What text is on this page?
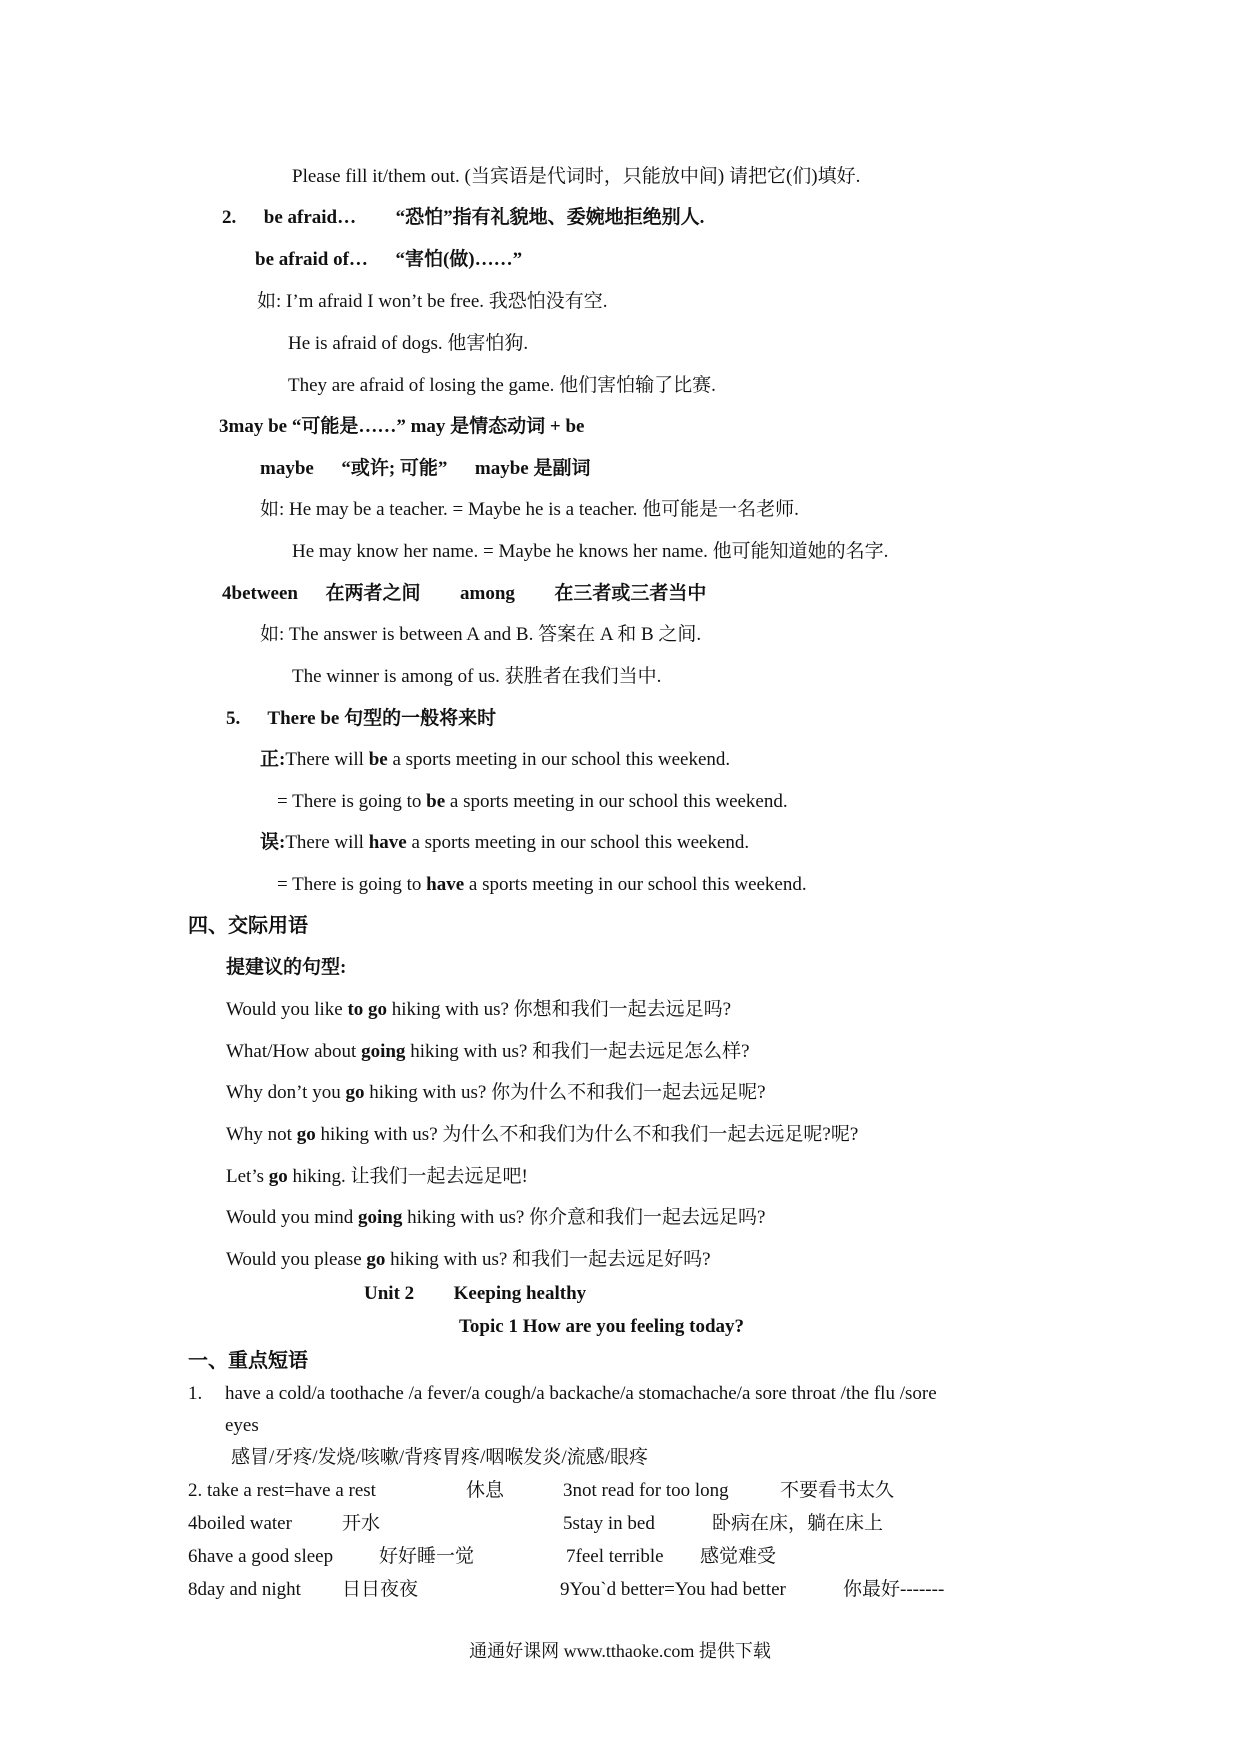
Please fill it/them out. (当宾语是代词时，只能放中间) 请把它(们)填好.
2. be afraid… “恐怕”指有礼貌地、委婉地拒绝别人.
be afraid of… “害怕(做)……”
如: I’m afraid I won’t be free. 我恐怕没有空.
He is afraid of dogs. 他害怕狗.
They are afraid of losing the game. 他们害怕输了比赛.
3may be “可能是……” may 是情态动词 + be
maybe “或许; 可能” maybe 是副词
如: He may be a teacher. = Maybe he is a teacher. 他可能是一名老师.
He may know her name. = Maybe he knows her name. 他可能知道她的名字.
4between 在两者之间 among 在三者或三者当中
如: The answer is between A and B. 答案在 A 和 B 之间.
The winner is among of us. 获胜者在我们当中.
5. There be 句型的一般将来时
正:There will be a sports meeting in our school this weekend.
= There is going to be a sports meeting in our school this weekend.
误:There will have a sports meeting in our school this weekend.
= There is going to have a sports meeting in our school this weekend.
四、交际用语
提建议的句型:
Would you like to go hiking with us? 你想和我们一起去远足吗?
What/How about going hiking with us? 和我们一起去远足怎么样?
Why don’t you go hiking with us? 你为什么不和我们一起去远足呢?
Why not go hiking with us? 为什么不和我们为什么不和我们一起去远足呢?呢?
Let’s go hiking. 让我们一起去远足吧!
Would you mind going hiking with us? 你介意和我们一起去远足吗?
Would you please go hiking with us? 和我们一起去远足好吗?
Unit 2 Keeping healthy
Topic 1 How are you feeling today?
一、重点短语
1. have a cold/a toothache /a fever/a cough/a backache/a stomachache/a sore throat /the flu /sore
eyes
感冒/牙疼/发烧/咳嗽/背疼胃疼/咽喉发炎/流感/眼疼
2. take a rest=have a rest	休息	3not read for too long	不要看书太久
4boiled water	开水	5stay in bed	卧病在床，躺在床上
6have a good sleep 好好睡一觉	7feel terrible 感觉难受
8day and night 日日夜夜	9You`d better=You had better	你最好-------
通通好课网 www.tthaoke.com 提供下载
